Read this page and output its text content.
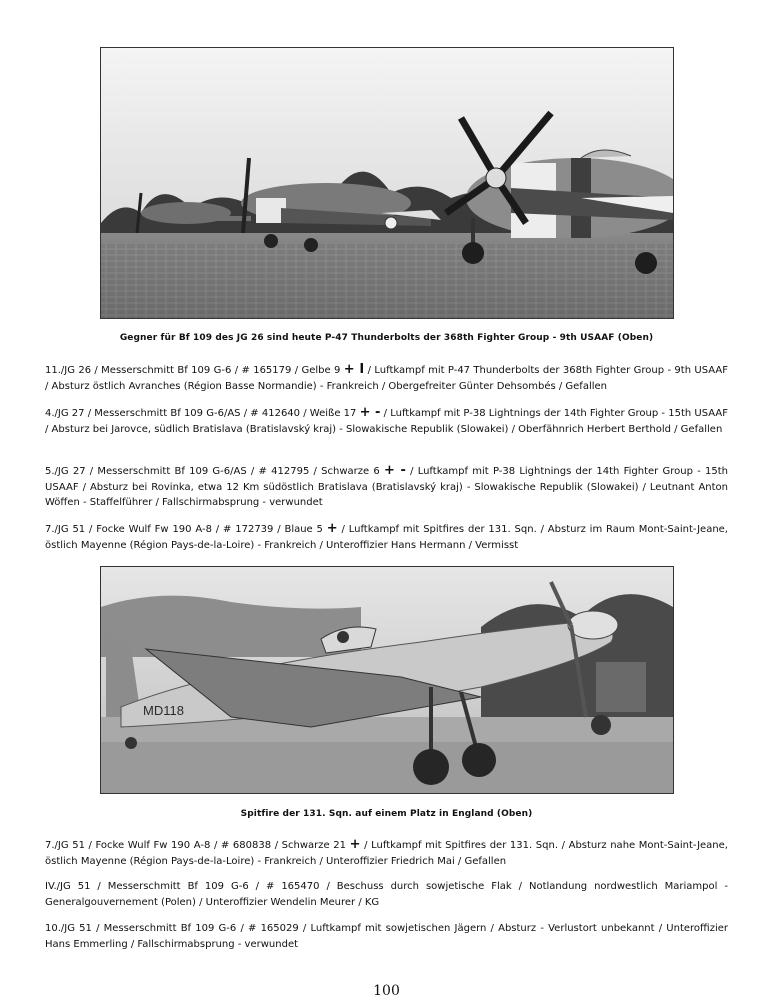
Gegner für Bf 109 des JG 26 sind heute P-47 Thunderbolts der 368th Fighter Group - 9th USAAF (Oben)
11./JG 26 / Messerschmitt Bf 109 G-6 / # 165179 / Gelbe 9 + I / Luftkampf mit P-47 Thunderbolts der 368th Fighter Group - 9th USAAF / Absturz östlich Avranches (Région Basse Normandie) - Frankreich / Obergefreiter Günter Dehsombés / Gefallen
4./JG 27 / Messerschmitt Bf 109 G-6/AS / # 412640 / Weiße 17 + - / Luftkampf mit P-38 Lightnings der 14th Fighter Group - 15th USAAF / Absturz bei Jarovce, südlich Bratislava (Bratislavský kraj) - Slowakische Republik (Slowakei) / Oberfähnrich Herbert Berthold / Gefallen
5./JG 27 / Messerschmitt Bf 109 G-6/AS / # 412795 / Schwarze 6 + - / Luftkampf mit P-38 Lightnings der 14th Fighter Group - 15th USAAF / Absturz bei Rovinka, etwa 12 Km südöstlich Bratislava (Bratislavský kraj) - Slowakische Republik (Slowakei) / Leutnant Anton Wöffen - Staffelführer / Fallschirmabsprung - verwundet
7./JG 51 / Focke Wulf Fw 190 A-8 / # 172739 / Blaue 5 + / Luftkampf mit Spitfires der 131. Sqn. / Absturz im Raum Mont-Saint-Jeane, östlich Mayenne (Région Pays-de-la-Loire) - Frankreich / Unteroffizier Hans Hermann / Vermisst
MD118
Spitfire der 131. Sqn. auf einem Platz in England (Oben)
7./JG 51 / Focke Wulf Fw 190 A-8 / # 680838 / Schwarze 21 + / Luftkampf mit Spitfires der 131. Sqn. / Absturz nahe Mont-Saint-Jeane, östlich Mayenne (Région Pays-de-la-Loire) - Frankreich / Unteroffizier Friedrich Mai / Gefallen
IV./JG 51 / Messerschmitt Bf 109 G-6 / # 165470 / Beschuss durch sowjetische Flak / Notlandung nordwestlich Mariampol - Generalgouvernement (Polen) / Unteroffizier Wendelin Meurer / KG
10./JG 51 / Messerschmitt Bf 109 G-6 / # 165029 / Luftkampf mit sowjetischen Jägern / Absturz - Verlustort unbekannt / Unteroffizier Hans Emmerling / Fallschirmabsprung - verwundet
100
